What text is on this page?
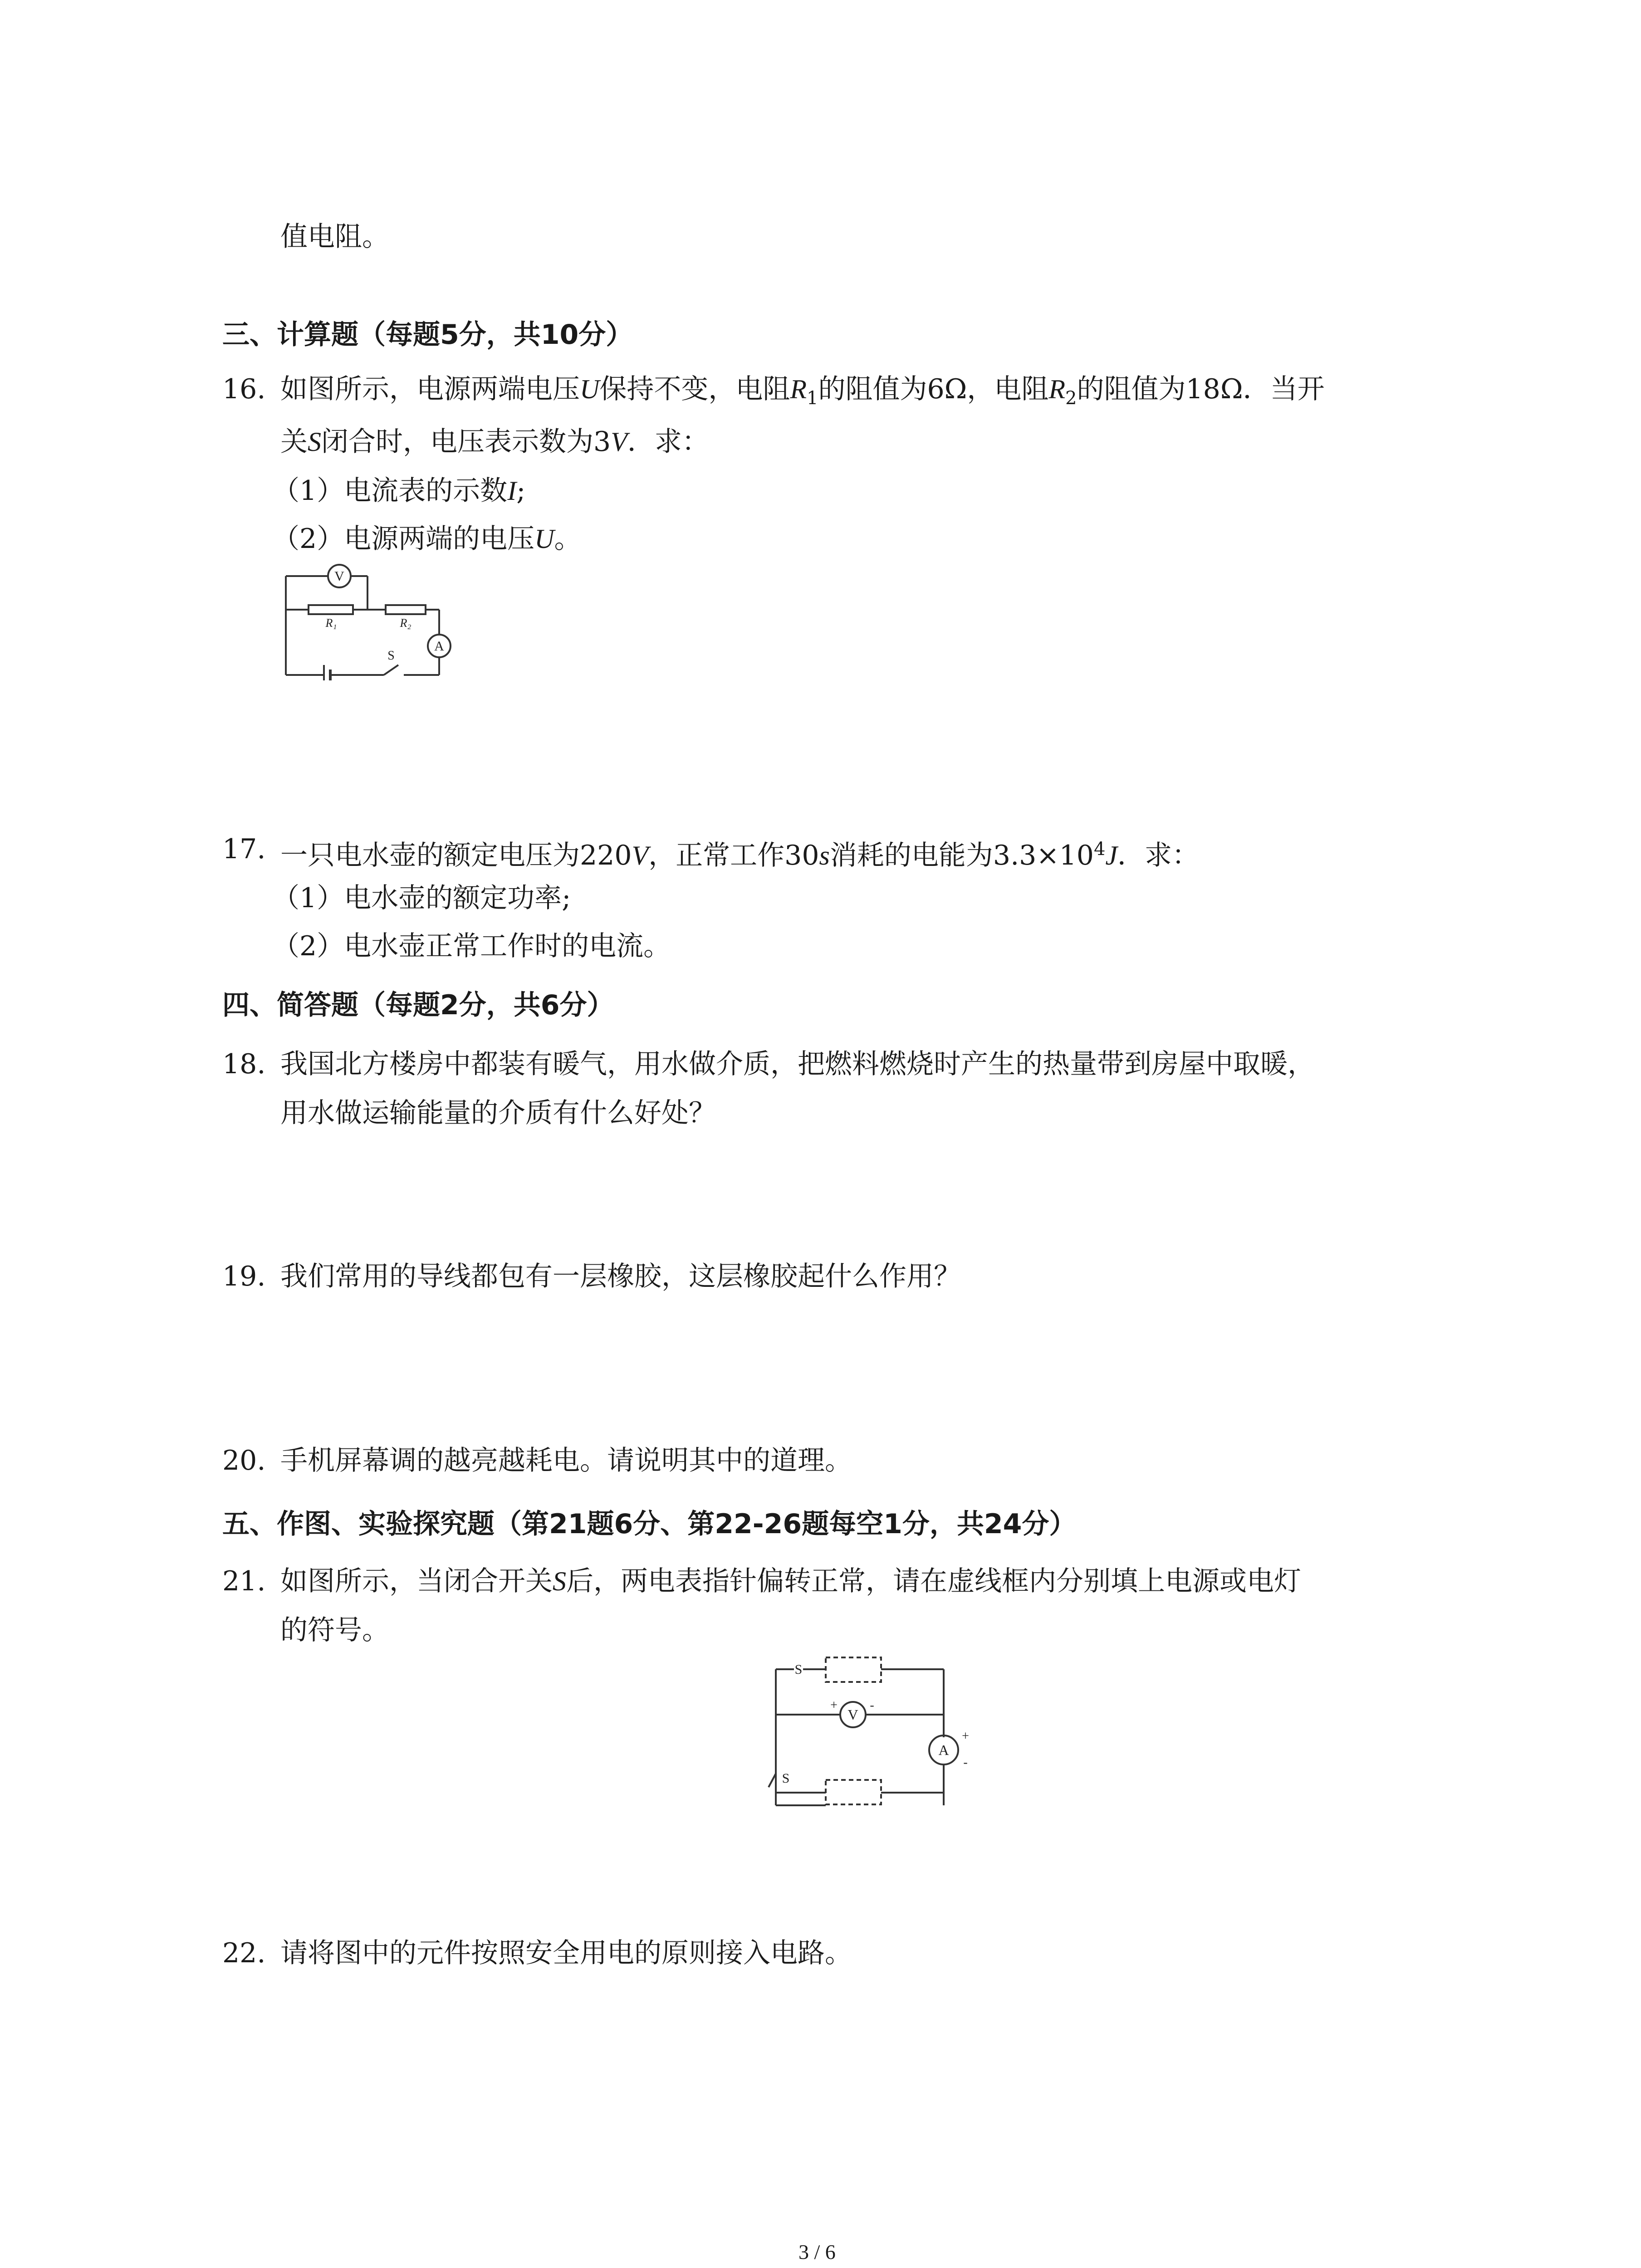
值电阻。
三、计算题（每题5分，共10分）
16. 如图所示，电源两端电压U保持不变，电阻$R_1$的阻值为6Ω，电阻$R_2$的阻值为18Ω．当开
关S闭合时，电压表示数为3V．求：
（1）电流表的示数I;
（2）电源两端的电压U。
V
A
R₁	R₂
S
17. 一只电水壶的额定电压为220V，正常工作30s消耗的电能为$3.3\times 10^4J$．求：
（1）电水壶的额定功率;
（2）电水壶正常工作时的电流。
四、简答题（每题2分，共6分）
18. 我国北方楼房中都装有暖气，用水做介质，把燃料燃烧时产生的热量带到房屋中取暖，
用水做运输能量的介质有什么好处？
19. 我们常用的导线都包有一层橡胶，这层橡胶起什么作用？
20. 手机屏幕调的越亮越耗电。请说明其中的道理。
五、作图、实验探究题（第21题6分、第22-26题每空1分，共24分）
21. 如图所示，当闭合开关S后，两电表指针偏转正常，请在虚线框内分别填上电源或电灯
的符号。
S
S
V
A
+	-
+
-
22. 请将图中的元件按照安全用电的原则接入电路。
3 / 6
